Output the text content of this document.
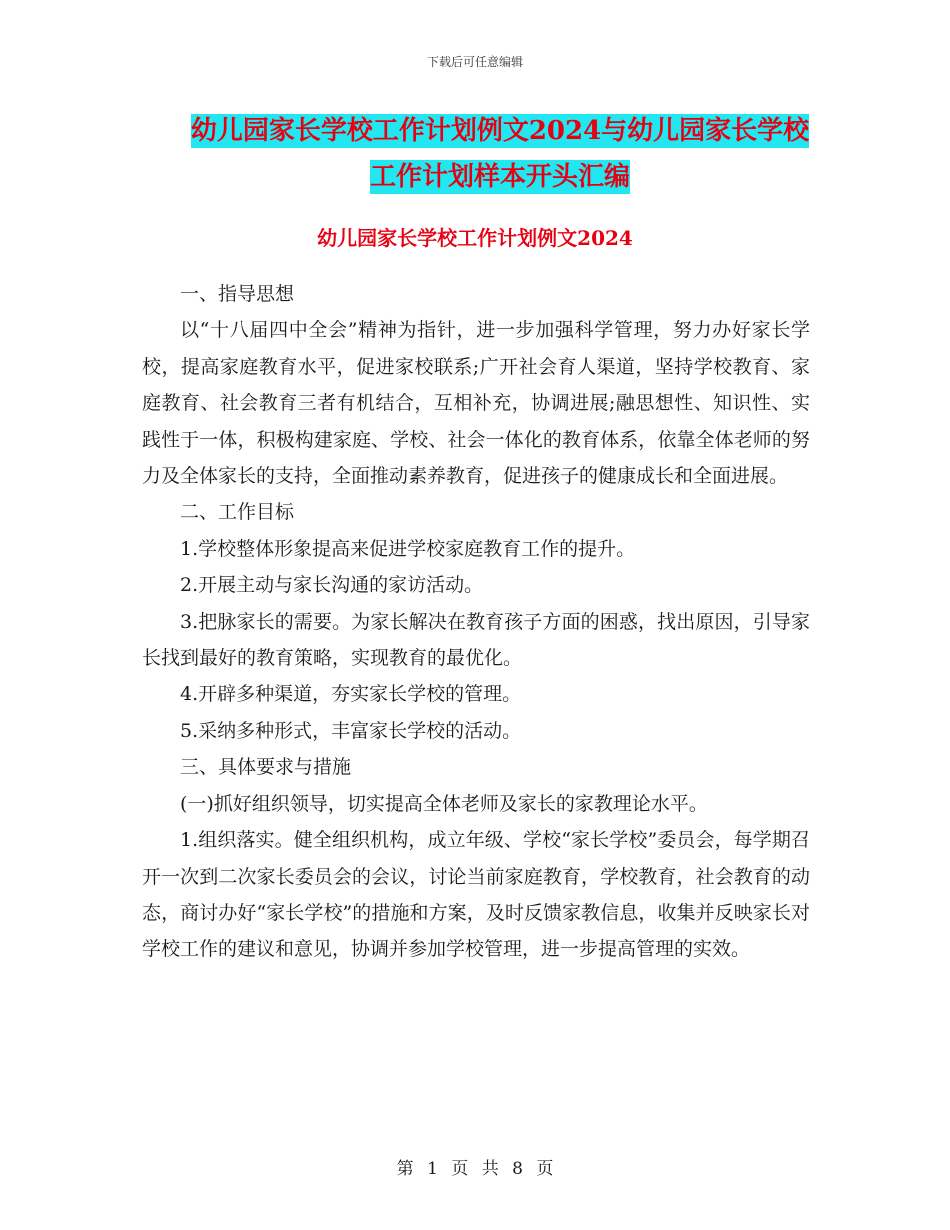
下载后可任意编辑
幼儿园家长学校工作计划例文2024与幼儿园家长学校
工作计划样本开头汇编
幼儿园家长学校工作计划例文2024

一、指导思想

以“十八届四中全会”精神为指针，进一步加强科学管理，努力办好家长学校，提高家庭教育水平，促进家校联系;广开社会育人渠道，坚持学校教育、家庭教育、社会教育三者有机结合，互相补充，协调进展;融思想性、知识性、实践性于一体，积极构建家庭、学校、社会一体化的教育体系，依靠全体老师的努力及全体家长的支持，全面推动素养教育，促进孩子的健康成长和全面进展。

二、工作目标

1.学校整体形象提高来促进学校家庭教育工作的提升。

2.开展主动与家长沟通的家访活动。

3.把脉家长的需要。为家长解决在教育孩子方面的困惑，找出原因，引导家长找到最好的教育策略，实现教育的最优化。

4.开辟多种渠道，夯实家长学校的管理。

5.采纳多种形式，丰富家长学校的活动。

三、具体要求与措施

(一)抓好组织领导，切实提高全体老师及家长的家教理论水平。

1.组织落实。健全组织机构，成立年级、学校“家长学校”委员会，每学期召开一次到二次家长委员会的会议，讨论当前家庭教育，学校教育，社会教育的动态，商讨办好“家长学校”的措施和方案，及时反馈家教信息，收集并反映家长对学校工作的建议和意见，协调并参加学校管理，进一步提高管理的实效。

第 1 页 共 8 页
